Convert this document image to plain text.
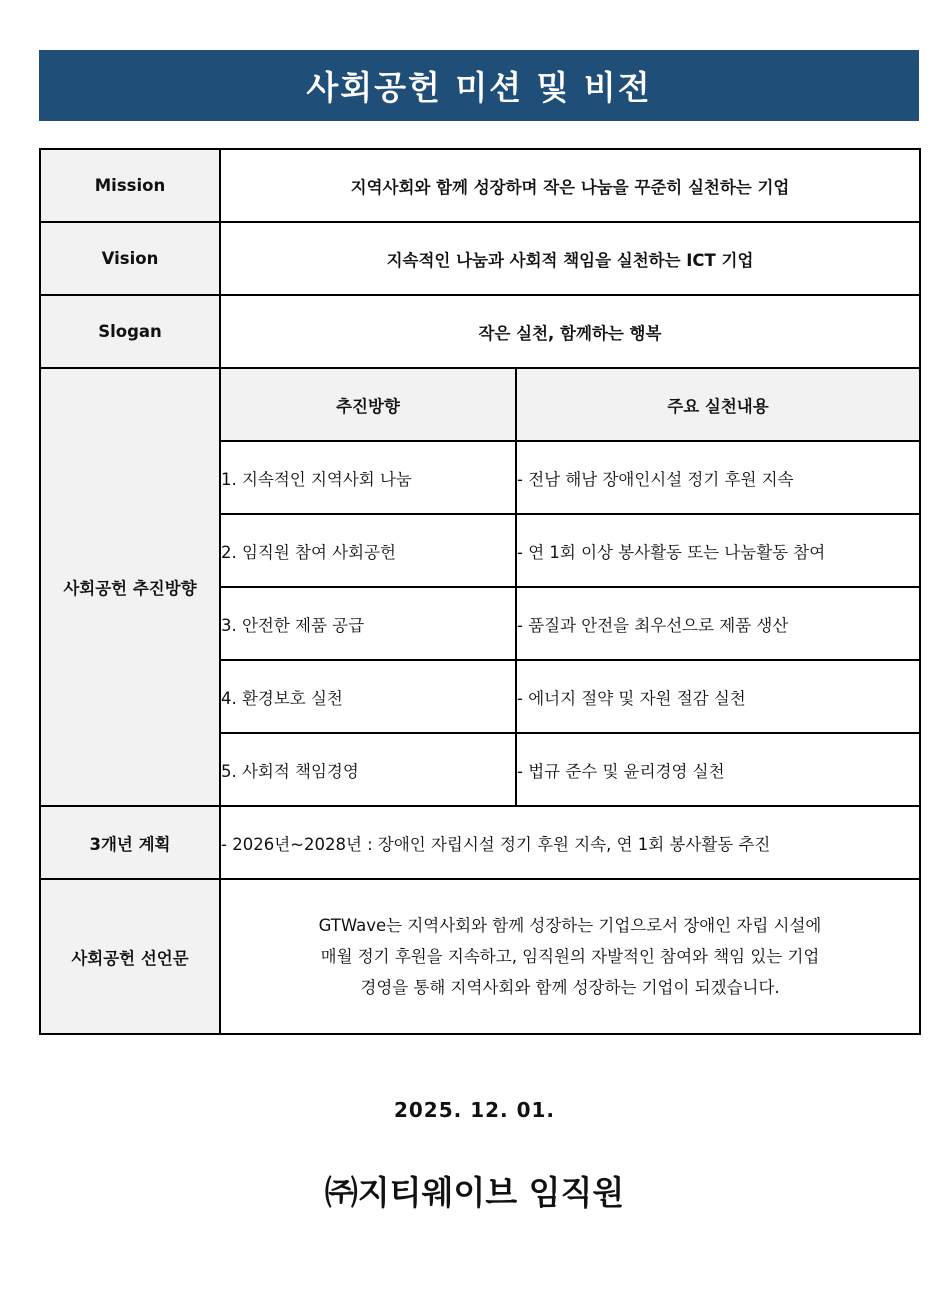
사회공헌 미션 및 비전
Mission	지역사회와 함께 성장하며 작은 나눔을 꾸준히 실천하는 기업	
Vision	지속적인 나눔과 사회적 책임을 실천하는 ICT 기업	
Slogan	작은 실천, 함께하는 행복	
사회공헌 추진방향	추진방향	주요 실천내용
	1. 지속적인 지역사회 나눔	- 전남 해남 장애인시설 정기 후원 지속
	2. 임직원 참여 사회공헌	- 연 1회 이상 봉사활동 또는 나눔활동 참여
	3. 안전한 제품 공급	- 품질과 안전을 최우선으로 제품 생산
	4. 환경보호 실천	- 에너지 절약 및 자원 절감 실천
	5. 사회적 책임경영	- 법규 준수 및 윤리경영 실천
3개년 계획	- 2026년~2028년 : 장애인 자립시설 정기 후원 지속, 연 1회 봉사활동 추진	
사회공헌 선언문	GTWave는 지역사회와 함께 성장하는 기업으로서 장애인 자립 시설에
매월 정기 후원을 지속하고, 임직원의 자발적인 참여와 책임 있는 기업
경영을 통해 지역사회와 함께 성장하는 기업이 되겠습니다.	
2025. 12. 01.
㈜지티웨이브 임직원
